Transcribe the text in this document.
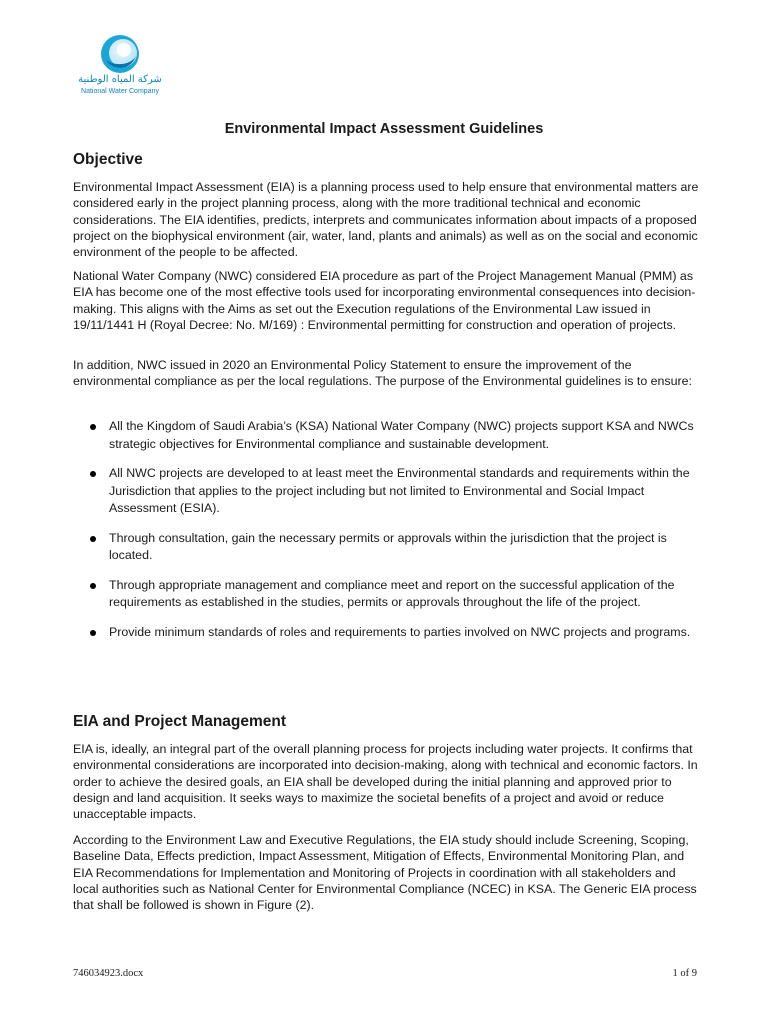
شركة المياه الوطنية
National Water Company
Environmental Impact Assessment Guidelines
Objective

Environmental Impact Assessment (EIA) is a planning process used to help ensure that environmental matters are considered early in the project planning process, along with the more traditional technical and economic considerations. The EIA identifies, predicts, interprets and communicates information about impacts of a proposed project on the biophysical environment (air, water, land, plants and animals) as well as on the social and economic environment of the people to be affected.

National Water Company (NWC) considered EIA procedure as part of the Project Management Manual (PMM) as EIA has become one of the most effective tools used for incorporating environmental consequences into decision-making. This aligns with the Aims as set out the Execution regulations of the Environmental Law issued in 19/11/1441 H (Royal Decree: No. M/169) : Environmental permitting for construction and operation of projects.

In addition, NWC issued in 2020 an Environmental Policy Statement to ensure the improvement of the environmental compliance as per the local regulations. The purpose of the Environmental guidelines is to ensure:

All the Kingdom of Saudi Arabia’s (KSA) National Water Company (NWC) projects support KSA and NWCs strategic objectives for Environmental compliance and sustainable development.
All NWC projects are developed to at least meet the Environmental standards and requirements within the Jurisdiction that applies to the project including but not limited to Environmental and Social Impact Assessment (ESIA).
Through consultation, gain the necessary permits or approvals within the jurisdiction that the project is located.
Through appropriate management and compliance meet and report on the successful application of the requirements as established in the studies, permits or approvals throughout the life of the project.
Provide minimum standards of roles and requirements to parties involved on NWC projects and programs.
EIA and Project Management

EIA is, ideally, an integral part of the overall planning process for projects including water projects. It confirms that environmental considerations are incorporated into decision-making, along with technical and economic factors. In order to achieve the desired goals, an EIA shall be developed during the initial planning and approved prior to design and land acquisition. It seeks ways to maximize the societal benefits of a project and avoid or reduce unacceptable impacts.

According to the Environment Law and Executive Regulations, the EIA study should include Screening, Scoping, Baseline Data, Effects prediction, Impact Assessment, Mitigation of Effects, Environmental Monitoring Plan, and EIA Recommendations for Implementation and Monitoring of Projects in coordination with all stakeholders and local authorities such as National Center for Environmental Compliance (NCEC) in KSA. The Generic EIA process that shall be followed is shown in Figure (2).

746034923.docx	1 of 9
